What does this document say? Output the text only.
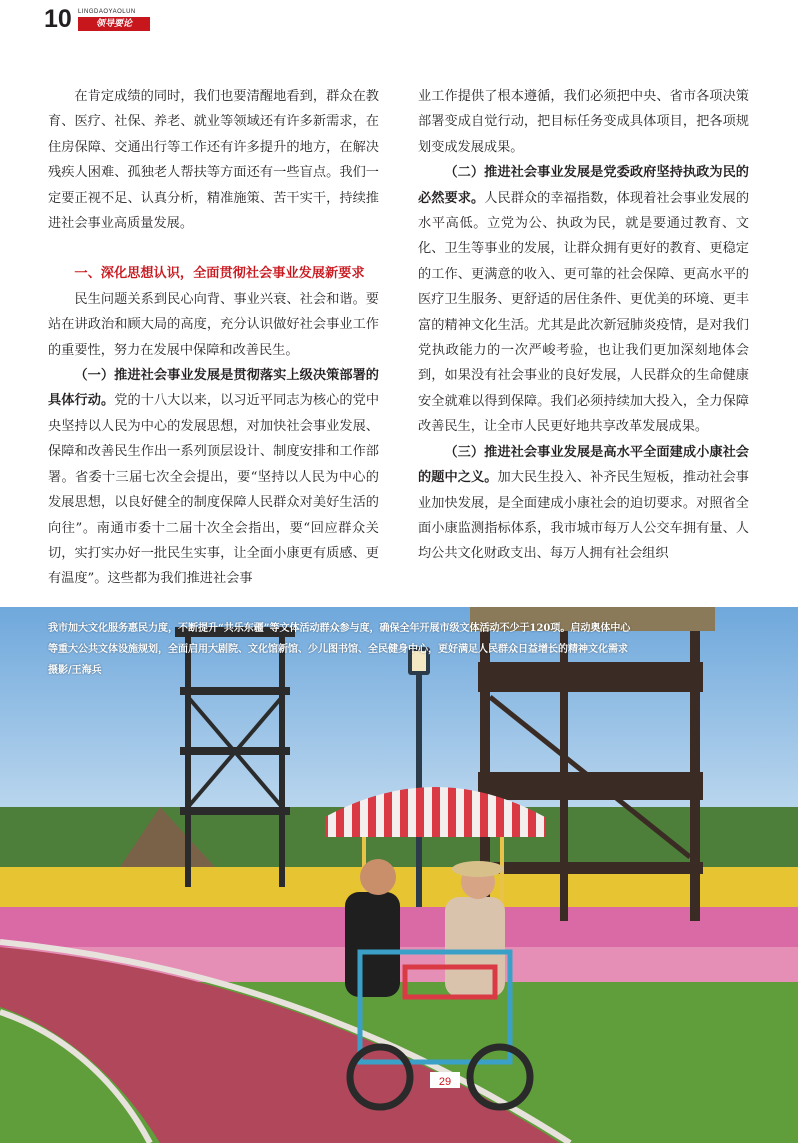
10 LINGDAOYAOLUN
领导要论

在肯定成绩的同时，我们也要清醒地看到，群众在教育、医疗、社保、养老、就业等领域还有许多新需求，在住房保障、交通出行等工作还有许多提升的地方，在解决残疾人困难、孤独老人帮扶等方面还有一些盲点。我们一定要正视不足、认真分析，精准施策、苦干实干，持续推进社会事业高质量发展。

一、深化思想认识，全面贯彻社会事业发展新要求

民生问题关系到民心向背、事业兴衰、社会和谐。要站在讲政治和顾大局的高度，充分认识做好社会事业工作的重要性，努力在发展中保障和改善民生。

（一）推进社会事业发展是贯彻落实上级决策部署的具体行动。党的十八大以来，以习近平同志为核心的党中央坚持以人民为中心的发展思想，对加快社会事业发展、保障和改善民生作出一系列顶层设计、制度安排和工作部署。省委十三届七次全会提出，要“坚持以人民为中心的发展思想，以良好健全的制度保障人民群众对美好生活的向往”。南通市委十二届十次全会指出，要“回应群众关切，实打实办好一批民生实事，让全面小康更有质感、更有温度”。这些都为我们推进社会事

业工作提供了根本遵循，我们必须把中央、省市各项决策部署变成自觉行动，把目标任务变成具体项目，把各项规划变成发展成果。

（二）推进社会事业发展是党委政府坚持执政为民的必然要求。人民群众的幸福指数，体现着社会事业发展的水平高低。立党为公、执政为民，就是要通过教育、文化、卫生等事业的发展，让群众拥有更好的教育、更稳定的工作、更满意的收入、更可靠的社会保障、更高水平的医疗卫生服务、更舒适的居住条件、更优美的环境、更丰富的精神文化生活。尤其是此次新冠肺炎疫情，是对我们党执政能力的一次严峻考验，也让我们更加深刻地体会到，如果没有社会事业的良好发展，人民群众的生命健康安全就难以得到保障。我们必须持续加大投入，全力保障改善民生，让全市人民更好地共享改革发展成果。

（三）推进社会事业发展是高水平全面建成小康社会的题中之义。加大民生投入、补齐民生短板，推动社会事业加快发展，是全面建成小康社会的迫切要求。对照省全面小康监测指标体系，我市城市每万人公交车拥有量、人均公共文化财政支出、每万人拥有社会组织

29
我市加大文化服务惠民力度，不断提升“共乐东疆”等文体活动群众参与度，确保全年开展市级文体活动不少于120项。启动奥体中心等重大公共文体设施规划，全面启用大剧院、文化馆新馆、少儿图书馆、全民健身中心，更好满足人民群众日益增长的精神文化需求　摄影/王海兵
